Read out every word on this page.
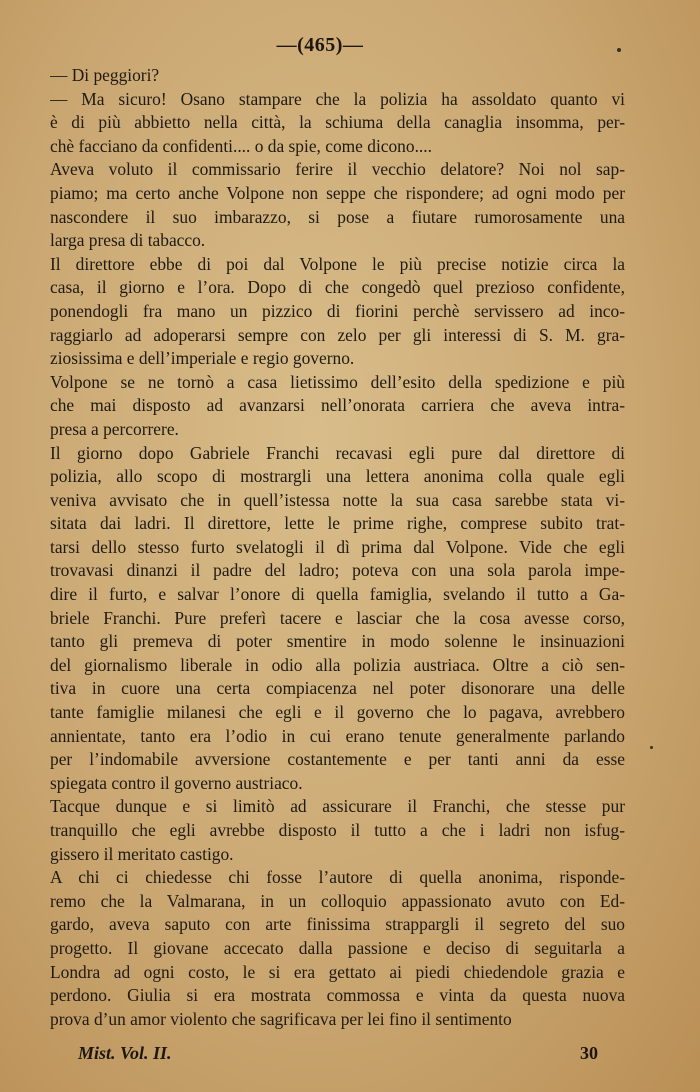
—(465)—
— Di peggiori?
— Ma sicuro! Osano stampare che la polizia ha assoldato quanto vi
è di più abbietto nella città, la schiuma della canaglia insomma, per-
chè facciano da confidenti.... o da spie, come dicono....
Aveva voluto il commissario ferire il vecchio delatore? Noi nol sap-
piamo; ma certo anche Volpone non seppe che rispondere; ad ogni modo per
nascondere il suo imbarazzo, si pose a fiutare rumorosamente una
larga presa di tabacco.
Il direttore ebbe di poi dal Volpone le più precise notizie circa la
casa, il giorno e l’ora. Dopo di che congedò quel prezioso confidente,
ponendogli fra mano un pizzico di fiorini perchè servissero ad inco-
raggiarlo ad adoperarsi sempre con zelo per gli interessi di S. M. gra-
ziosissima e dell’imperiale e regio governo.
Volpone se ne tornò a casa lietissimo dell’esito della spedizione e più
che mai disposto ad avanzarsi nell’onorata carriera che aveva intra-
presa a percorrere.
Il giorno dopo Gabriele Franchi recavasi egli pure dal direttore di
polizia, allo scopo di mostrargli una lettera anonima colla quale egli
veniva avvisato che in quell’istessa notte la sua casa sarebbe stata vi-
sitata dai ladri. Il direttore, lette le prime righe, comprese subito trat-
tarsi dello stesso furto svelatogli il dì prima dal Volpone. Vide che egli
trovavasi dinanzi il padre del ladro; poteva con una sola parola impe-
dire il furto, e salvar l’onore di quella famiglia, svelando il tutto a Ga-
briele Franchi. Pure preferì tacere e lasciar che la cosa avesse corso,
tanto gli premeva di poter smentire in modo solenne le insinuazioni
del giornalismo liberale in odio alla polizia austriaca. Oltre a ciò sen-
tiva in cuore una certa compiacenza nel poter disonorare una delle
tante famiglie milanesi che egli e il governo che lo pagava, avrebbero
annientate, tanto era l’odio in cui erano tenute generalmente parlando
per l’indomabile avversione costantemente e per tanti anni da esse
spiegata contro il governo austriaco.
Tacque dunque e si limitò ad assicurare il Franchi, che stesse pur
tranquillo che egli avrebbe disposto il tutto a che i ladri non isfug-
gissero il meritato castigo.
A chi ci chiedesse chi fosse l’autore di quella anonima, risponde-
remo che la Valmarana, in un colloquio appassionato avuto con Ed-
gardo, aveva saputo con arte finissima strappargli il segreto del suo
progetto. Il giovane accecato dalla passione e deciso di seguitarla a
Londra ad ogni costo, le si era gettato ai piedi chiedendole grazia e
perdono. Giulia si era mostrata commossa e vinta da questa nuova
prova d’un amor violento che sagrificava per lei fino il sentimento
Mist. Vol. II.	30
